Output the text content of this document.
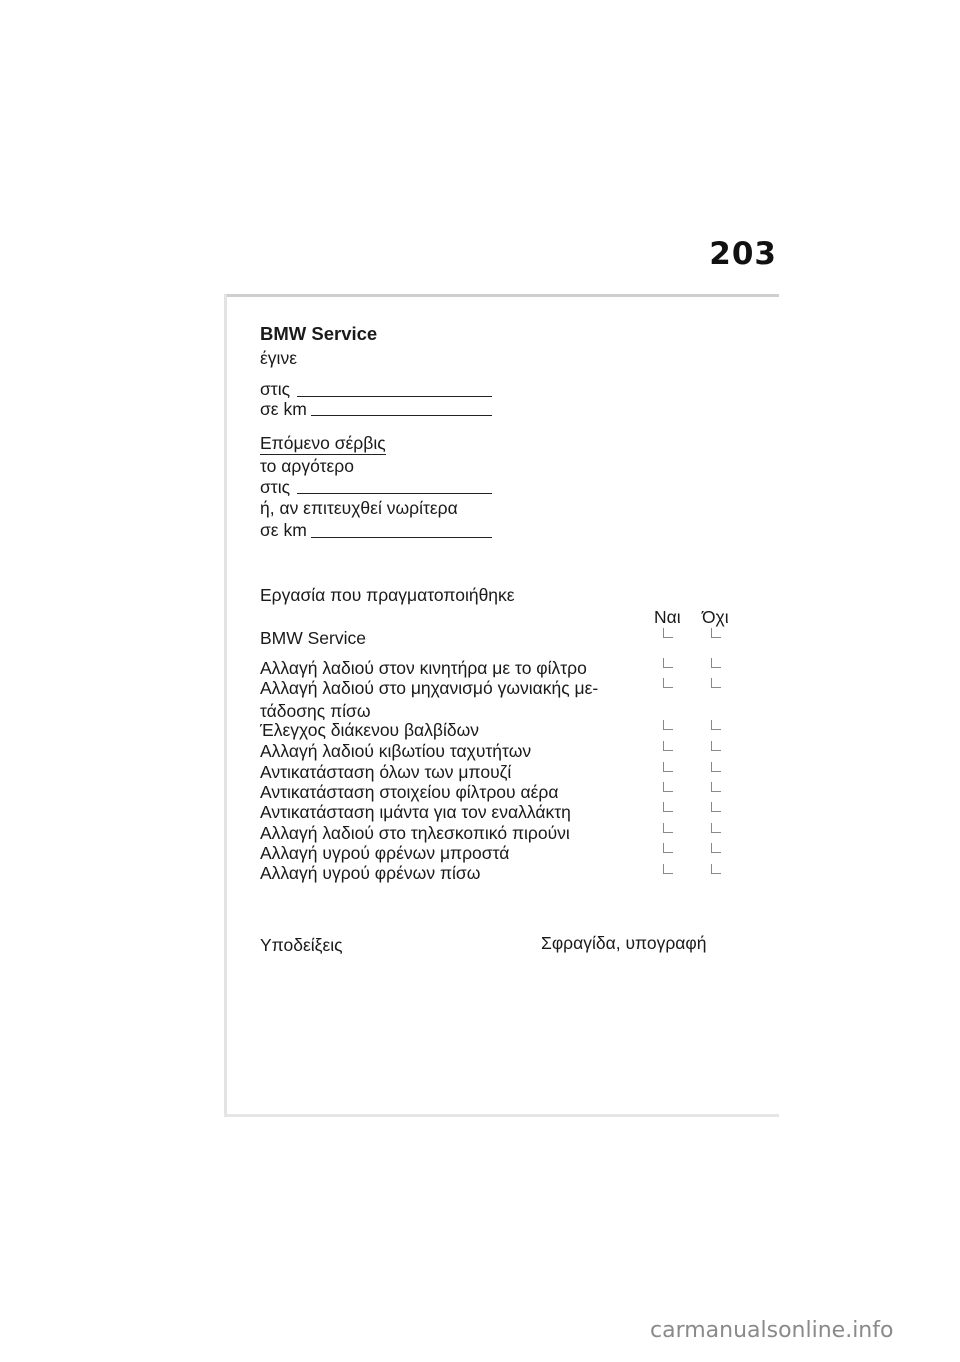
203
BMW Service
έγινε
στις
σε km
Επόμενο σέρβις
το αργότερο
στις
ή, αν επιτευχθεί νωρίτερα
σε km
Εργασία που πραγματοποιήθηκε
Ναι Όχι
BMW Service
Αλλαγή λαδιού στον κινητήρα με το φίλτρο
Αλλαγή λαδιού στο μηχανισμό γωνιακής με-
τάδοσης πίσω
Έλεγχος διάκενου βαλβίδων
Αλλαγή λαδιού κιβωτίου ταχυτήτων
Αντικατάσταση όλων των μπουζί
Αντικατάσταση στοιχείου φίλτρου αέρα
Αντικατάσταση ιμάντα για τον εναλλάκτη
Αλλαγή λαδιού στο τηλεσκοπικό πιρούνι
Αλλαγή υγρού φρένων μπροστά
Αλλαγή υγρού φρένων πίσω
Υποδείξεις	Σφραγίδα, υπογραφή
carmanualsonline.info
